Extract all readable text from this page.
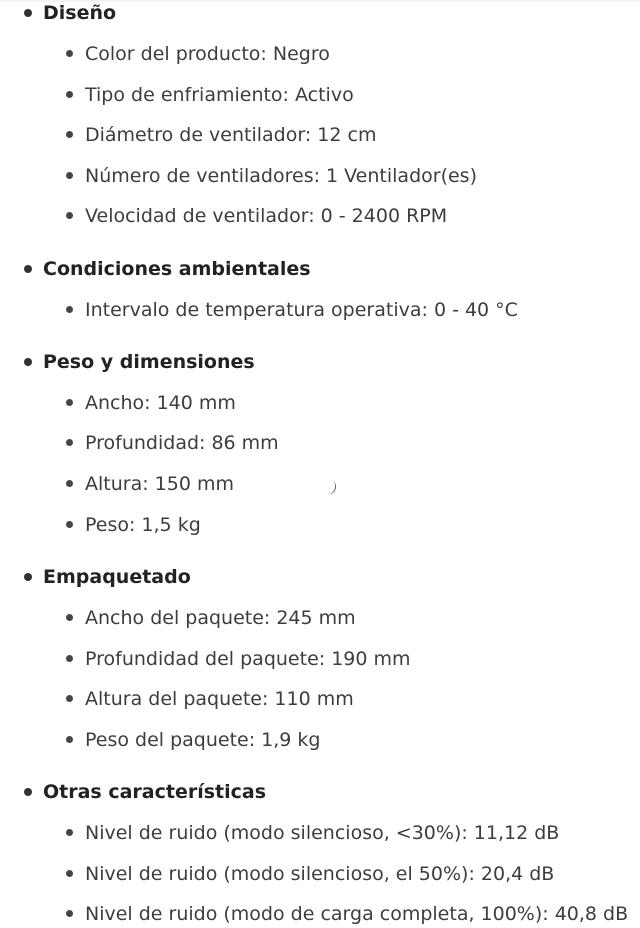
Diseño
Color del producto: Negro
Tipo de enfriamiento: Activo
Diámetro de ventilador: 12 cm
Número de ventiladores: 1 Ventilador(es)
Velocidad de ventilador: 0 - 2400 RPM
Condiciones ambientales
Intervalo de temperatura operativa: 0 - 40 °C
Peso y dimensiones
Ancho: 140 mm
Profundidad: 86 mm
Altura: 150 mm
Peso: 1,5 kg
Empaquetado
Ancho del paquete: 245 mm
Profundidad del paquete: 190 mm
Altura del paquete: 110 mm
Peso del paquete: 1,9 kg
Otras características
Nivel de ruido (modo silencioso, <30%): 11,12 dB
Nivel de ruido (modo silencioso, el 50%): 20,4 dB
Nivel de ruido (modo de carga completa, 100%): 40,8 dB
